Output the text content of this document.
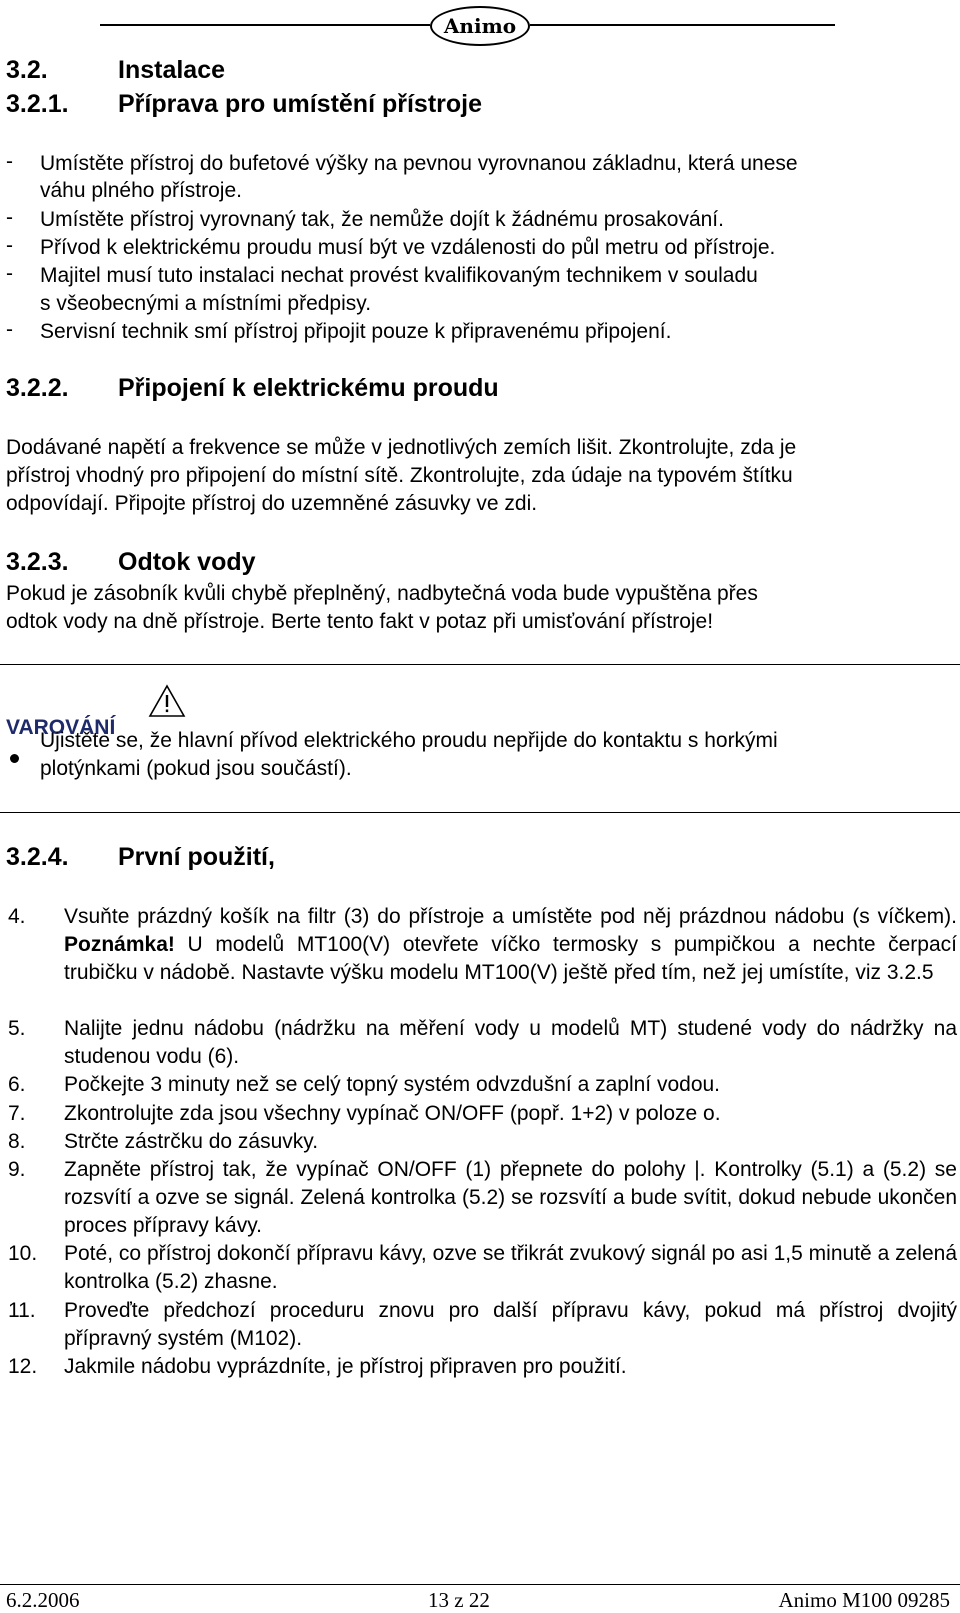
Animo
3.2.	Instalace
3.2.1. Příprava pro umístění přístroje
-	Umístěte přístroj do bufetové výšky na pevnou vyrovnanou základnu, která unese
váhu plného přístroje.
-	Umístěte přístroj vyrovnaný tak, že nemůže dojít k žádnému prosakování.
-	Přívod k elektrickému proudu musí být ve vzdálenosti do půl metru od přístroje.
-	Majitel musí tuto instalaci nechat provést kvalifikovaným technikem v souladu
s všeobecnými a místními předpisy.
-	Servisní technik smí přístroj připojit pouze k připravenému připojení.
3.2.2. Připojení k elektrickému proudu
Dodávané napětí a frekvence se může v jednotlivých zemích lišit. Zkontrolujte, zda je
přístroj vhodný pro připojení do místní sítě. Zkontrolujte, zda údaje na typovém štítku
odpovídají. Připojte přístroj do uzemněné zásuvky ve zdi.
3.2.3. Odtok vody
Pokud je zásobník kvůli chybě přeplněný, nadbytečná voda bude vypuštěna přes
odtok vody na dně přístroje. Berte tento fakt v potaz při umisťování přístroje!
VAROVÁNÍ
Ujistěte se, že hlavní přívod elektrického proudu nepřijde do kontaktu s horkými
plotýnkami (pokud jsou součástí).
3.2.4. První použití,
4. Vsuňte prázdný košík na filtr (3) do přístroje a umístěte pod něj prázdnou nádobu (s víčkem). Poznámka! U modelů MT100(V) otevřete víčko termosky s pumpičkou a nechte čerpací trubičku v nádobě. Nastavte výšku modelu MT100(V) ještě před tím, než jej umístíte, viz 3.2.5
5. Nalijte jednu nádobu (nádržku na měření vody u modelů MT) studené vody do nádržky na studenou vodu (6).
6. Počkejte 3 minuty než se celý topný systém odvzdušní a zaplní vodou.
7. Zkontrolujte zda jsou všechny vypínač ON/OFF (popř. 1+2) v poloze o.
8. Strčte zástrčku do zásuvky.
9. Zapněte přístroj tak, že vypínač ON/OFF (1) přepnete do polohy |. Kontrolky (5.1) a (5.2) se rozsvítí a ozve se signál. Zelená kontrolka (5.2) se rozsvítí a bude svítit, dokud nebude ukončen proces přípravy kávy.
10. Poté, co přístroj dokončí přípravu kávy, ozve se třikrát zvukový signál po asi 1,5 minutě a zelená kontrolka (5.2) zhasne.
11. Proveďte předchozí proceduru znovu pro další přípravu kávy, pokud má přístroj dvojitý přípravný systém (M102).
12. Jakmile nádobu vyprázdníte, je přístroj připraven pro použití.
6.2.2006	13 z 22	Animo M100 09285
